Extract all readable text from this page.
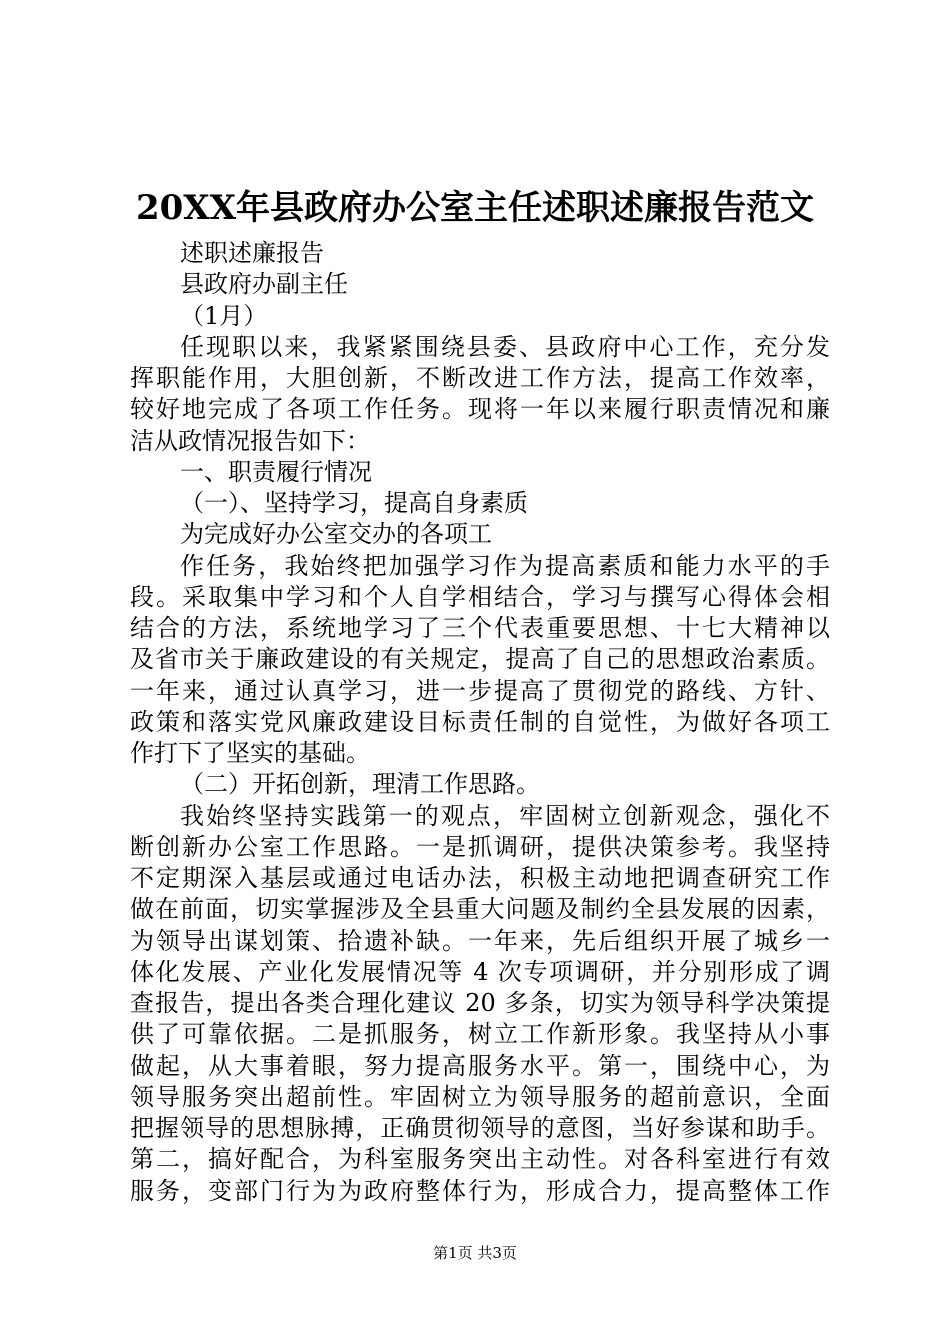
20XX年县政府办公室主任述职述廉报告范文
述职述廉报告
县政府办副主任
（1月）
任现职以来，我紧紧围绕县委、县政府中心工作，充分发
挥职能作用，大胆创新，不断改进工作方法，提高工作效率，
较好地完成了各项工作任务。现将一年以来履行职责情况和廉
洁从政情况报告如下：
一、职责履行情况
（一）、坚持学习，提高自身素质
为完成好办公室交办的各项工
作任务，我始终把加强学习作为提高素质和能力水平的手
段。采取集中学习和个人自学相结合，学习与撰写心得体会相
结合的方法，系统地学习了三个代表重要思想、十七大精神以
及省市关于廉政建设的有关规定，提高了自己的思想政治素质。
一年来，通过认真学习，进一步提高了贯彻党的路线、方针、
政策和落实党风廉政建设目标责任制的自觉性，为做好各项工
作打下了坚实的基础。
（二）开拓创新，理清工作思路。
我始终坚持实践第一的观点，牢固树立创新观念，强化不
断创新办公室工作思路。一是抓调研，提供决策参考。我坚持
不定期深入基层或通过电话办法，积极主动地把调查研究工作
做在前面，切实掌握涉及全县重大问题及制约全县发展的因素，
为领导出谋划策、拾遗补缺。一年来，先后组织开展了城乡一
体化发展、产业化发展情况等 4 次专项调研，并分别形成了调
查报告，提出各类合理化建议 20 多条，切实为领导科学决策提
供了可靠依据。二是抓服务，树立工作新形象。我坚持从小事
做起，从大事着眼，努力提高服务水平。第一，围绕中心，为
领导服务突出超前性。牢固树立为领导服务的超前意识，全面
把握领导的思想脉搏，正确贯彻领导的意图，当好参谋和助手。
第二，搞好配合，为科室服务突出主动性。对各科室进行有效
服务，变部门行为为政府整体行为，形成合力，提高整体工作
第1页 共3页
